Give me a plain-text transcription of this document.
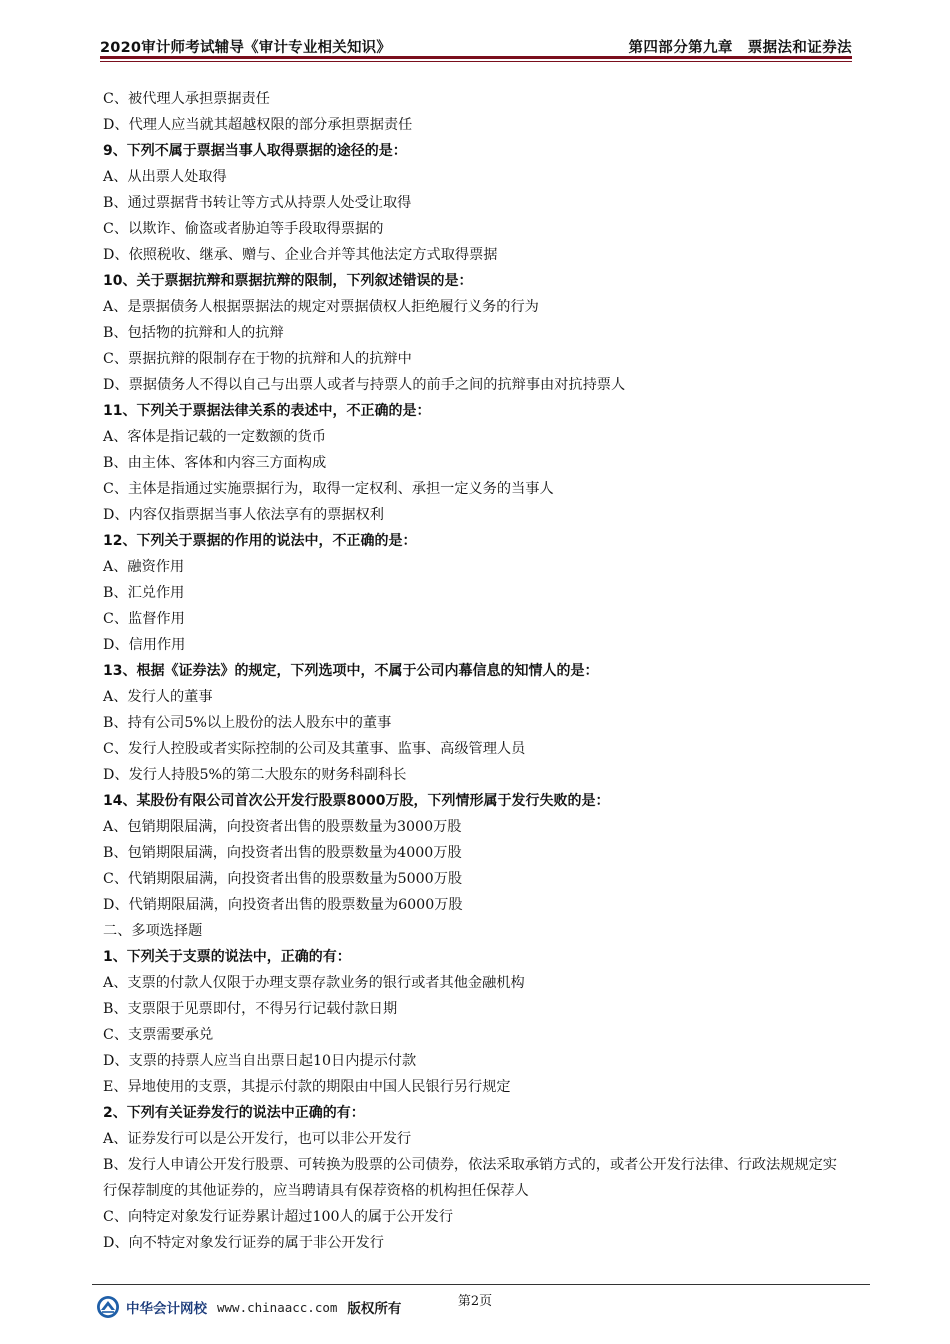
2020审计师考试辅导《审计专业相关知识》	第四部分第九章　票据法和证券法
C、被代理人承担票据责任
D、代理人应当就其超越权限的部分承担票据责任
9、下列不属于票据当事人取得票据的途径的是：
A、从出票人处取得
B、通过票据背书转让等方式从持票人处受让取得
C、以欺诈、偷盗或者胁迫等手段取得票据的
D、依照税收、继承、赠与、企业合并等其他法定方式取得票据
10、关于票据抗辩和票据抗辩的限制，下列叙述错误的是：
A、是票据债务人根据票据法的规定对票据债权人拒绝履行义务的行为
B、包括物的抗辩和人的抗辩
C、票据抗辩的限制存在于物的抗辩和人的抗辩中
D、票据债务人不得以自己与出票人或者与持票人的前手之间的抗辩事由对抗持票人
11、下列关于票据法律关系的表述中，不正确的是：
A、客体是指记载的一定数额的货币
B、由主体、客体和内容三方面构成
C、主体是指通过实施票据行为，取得一定权利、承担一定义务的当事人
D、内容仅指票据当事人依法享有的票据权利
12、下列关于票据的作用的说法中，不正确的是：
A、融资作用
B、汇兑作用
C、监督作用
D、信用作用
13、根据《证券法》的规定，下列选项中，不属于公司内幕信息的知情人的是：
A、发行人的董事
B、持有公司5%以上股份的法人股东中的董事
C、发行人控股或者实际控制的公司及其董事、监事、高级管理人员
D、发行人持股5%的第二大股东的财务科副科长
14、某股份有限公司首次公开发行股票8000万股，下列情形属于发行失败的是：
A、包销期限届满，向投资者出售的股票数量为3000万股
B、包销期限届满，向投资者出售的股票数量为4000万股
C、代销期限届满，向投资者出售的股票数量为5000万股
D、代销期限届满，向投资者出售的股票数量为6000万股
二、多项选择题
1、下列关于支票的说法中，正确的有：
A、支票的付款人仅限于办理支票存款业务的银行或者其他金融机构
B、支票限于见票即付，不得另行记载付款日期
C、支票需要承兑
D、支票的持票人应当自出票日起10日内提示付款
E、异地使用的支票，其提示付款的期限由中国人民银行另行规定
2、下列有关证券发行的说法中正确的有：
A、证券发行可以是公开发行，也可以非公开发行
B、发行人申请公开发行股票、可转换为股票的公司债券，依法采取承销方式的，或者公开发行法律、行政法规规定实行保荐制度的其他证券的，应当聘请具有保荐资格的机构担任保荐人
C、向特定对象发行证券累计超过100人的属于公开发行
D、向不特定对象发行证券的属于非公开发行
第2页
中华会计网校 www.chinaacc.com 版权所有
